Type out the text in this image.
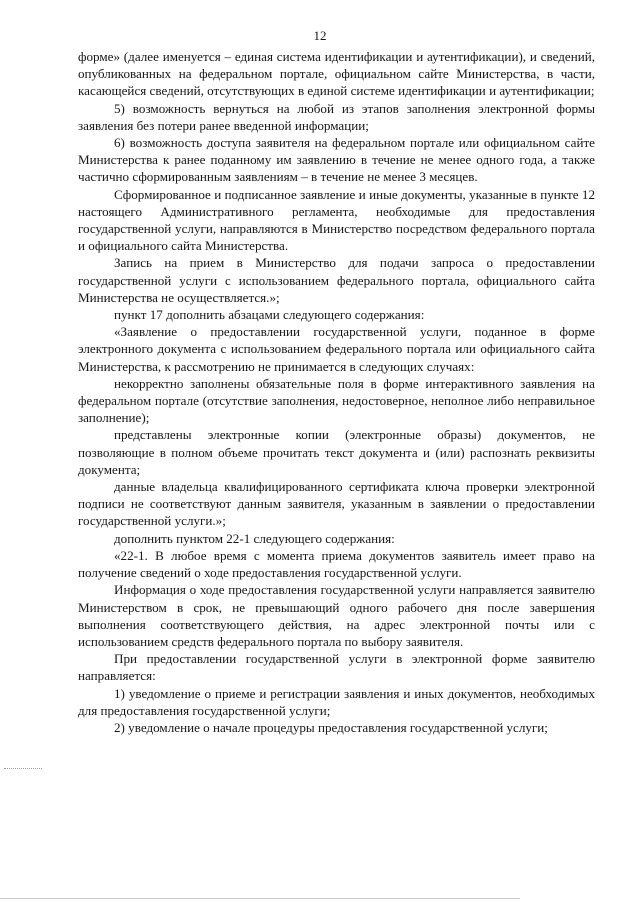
12

форме» (далее именуется – единая система идентификации и аутентификации), и сведений, опубликованных на федеральном портале, официальном сайте Министерства, в части, касающейся сведений, отсутствующих в единой системе идентификации и аутентификации;

5) возможность вернуться на любой из этапов заполнения электронной формы заявления без потери ранее введенной информации;

6) возможность доступа заявителя на федеральном портале или официальном сайте Министерства к ранее поданному им заявлению в течение не менее одного года, а также частично сформированным заявлениям – в течение не менее 3 месяцев.

Сформированное и подписанное заявление и иные документы, указанные в пункте 12 настоящего Административного регламента, необходимые для предоставления государственной услуги, направляются в Министерство посредством федерального портала и официального сайта Министерства.

Запись на прием в Министерство для подачи запроса о предоставлении государственной услуги с использованием федерального портала, официального сайта Министерства не осуществляется.»;

пункт 17 дополнить абзацами следующего содержания:

«Заявление о предоставлении государственной услуги, поданное в форме электронного документа с использованием федерального портала или официального сайта Министерства, к рассмотрению не принимается в следующих случаях:

некорректно заполнены обязательные поля в форме интерактивного заявления на федеральном портале (отсутствие заполнения, недостоверное, неполное либо неправильное заполнение);

представлены электронные копии (электронные образы) документов, не позволяющие в полном объеме прочитать текст документа и (или) распознать реквизиты документа;

данные владельца квалифицированного сертификата ключа проверки электронной подписи не соответствуют данным заявителя, указанным в заявлении о предоставлении государственной услуги.»;

дополнить пунктом 22-1 следующего содержания:

«22-1. В любое время с момента приема документов заявитель имеет право на получение сведений о ходе предоставления государственной услуги.

Информация о ходе предоставления государственной услуги направляется заявителю Министерством в срок, не превышающий одного рабочего дня после завершения выполнения соответствующего действия, на адрес электронной почты или с использованием средств федерального портала по выбору заявителя.

При предоставлении государственной услуги в электронной форме заявителю направляется:

1) уведомление о приеме и регистрации заявления и иных документов, необходимых для предоставления государственной услуги;

2) уведомление о начале процедуры предоставления государственной услуги;
